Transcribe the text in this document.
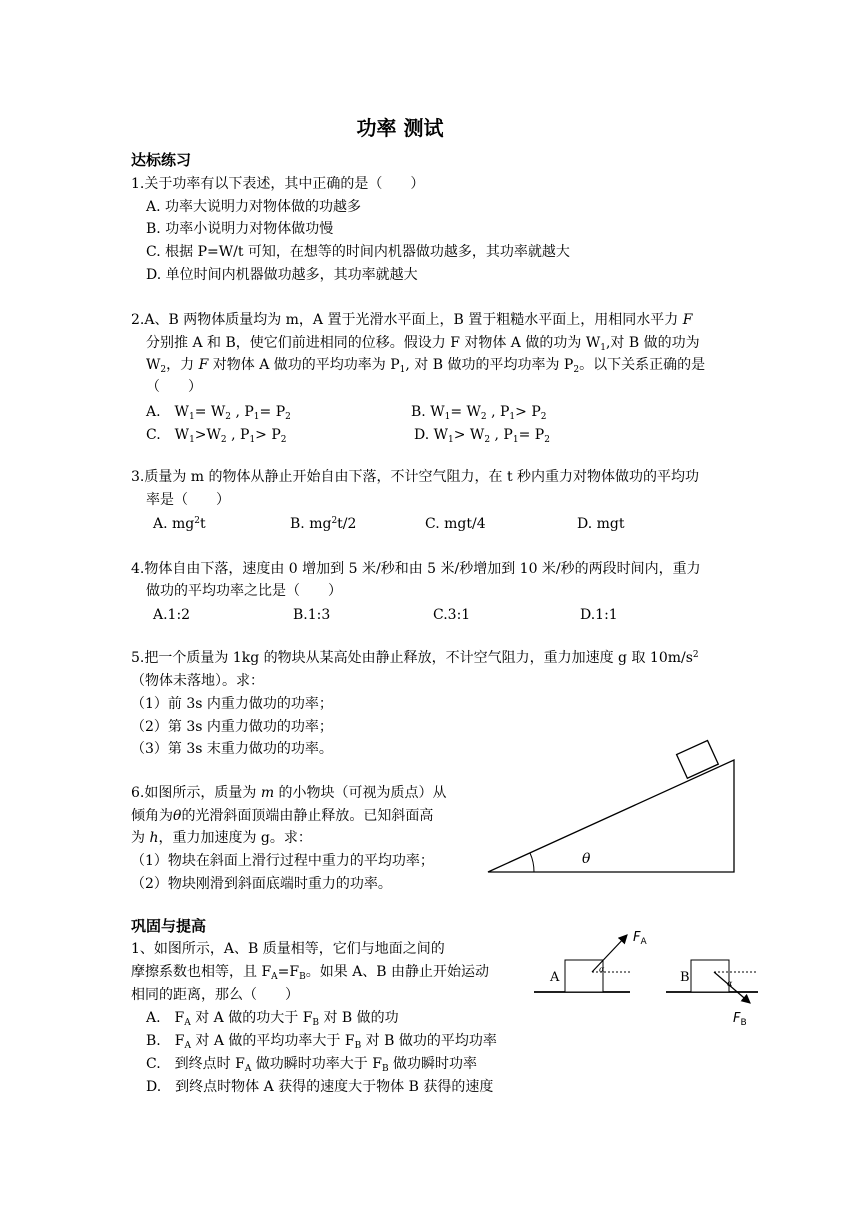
功率 测试
达标练习
1.关于功率有以下表述，其中正确的是（　　）
A. 功率大说明力对物体做的功越多
B. 功率小说明力对物体做功慢
C. 根据 P=W/t 可知，在想等的时间内机器做功越多，其功率就越大
D. 单位时间内机器做功越多，其功率就越大
2.A、B 两物体质量均为 m，A 置于光滑水平面上，B 置于粗糙水平面上，用相同水平力 F
分别推 A 和 B，使它们前进相同的位移。假设力 F 对物体 A 做的功为 $W_1$,对 B 做的功为
$W_2$，力 F 对物体 A 做功的平均功率为 $P_1$, 对 B 做功的平均功率为 $P_2$。以下关系正确的是
（　　）
A.　$W_1= W_2$ , $P_1= P_2$	B. $W_1= W_2$ , $P_1> P_2$
C.　$W_1>W_2$ , $P_1> P_2$	D. $W_1> W_2$ , $P_1= P_2$
3.质量为 m 的物体从静止开始自由下落，不计空气阻力，在 t 秒内重力对物体做功的平均功
率是（　　）
A. $mg^2t$	B. $mg^2t/2$	C. mgt/4	D. mgt
4.物体自由下落，速度由 0 增加到 5 米/秒和由 5 米/秒增加到 10 米/秒的两段时间内，重力
做功的平均功率之比是（　　）
A.1:2	B.1:3	C.3:1	D.1:1
5.把一个质量为 1kg 的物块从某高处由静止释放，不计空气阻力，重力加速度 g 取 $10m/s^2$
（物体未落地）。求：
（1）前 3s 内重力做功的功率；
（2）第 3s 内重力做功的功率；
（3）第 3s 末重力做功的功率。
6.如图所示，质量为 m 的小物块（可视为质点）从
倾角为θ的光滑斜面顶端由静止释放。已知斜面高
为 h，重力加速度为 g。求：
（1）物块在斜面上滑行过程中重力的平均功率；
（2）物块刚滑到斜面底端时重力的功率。
θ
巩固与提高
1、如图所示，A、B 质量相等，它们与地面之间的
摩擦系数也相等，且 $F_A=F_B$。如果 A、B 由静止开始运动
相同的距离，那么（　　）
A.　$F_A$ 对 A 做的功大于 $F_B$ 对 B 做的功
B.　$F_A$ 对 A 做的平均功率大于 $F_B$ 对 B 做功的平均功率
C.　到终点时 $F_A$ 做功瞬时功率大于 $F_B$ 做功瞬时功率
D.　到终点时物体 A 获得的速度大于物体 B 获得的速度
A
α
$F_A$
B	α
$F_B$
